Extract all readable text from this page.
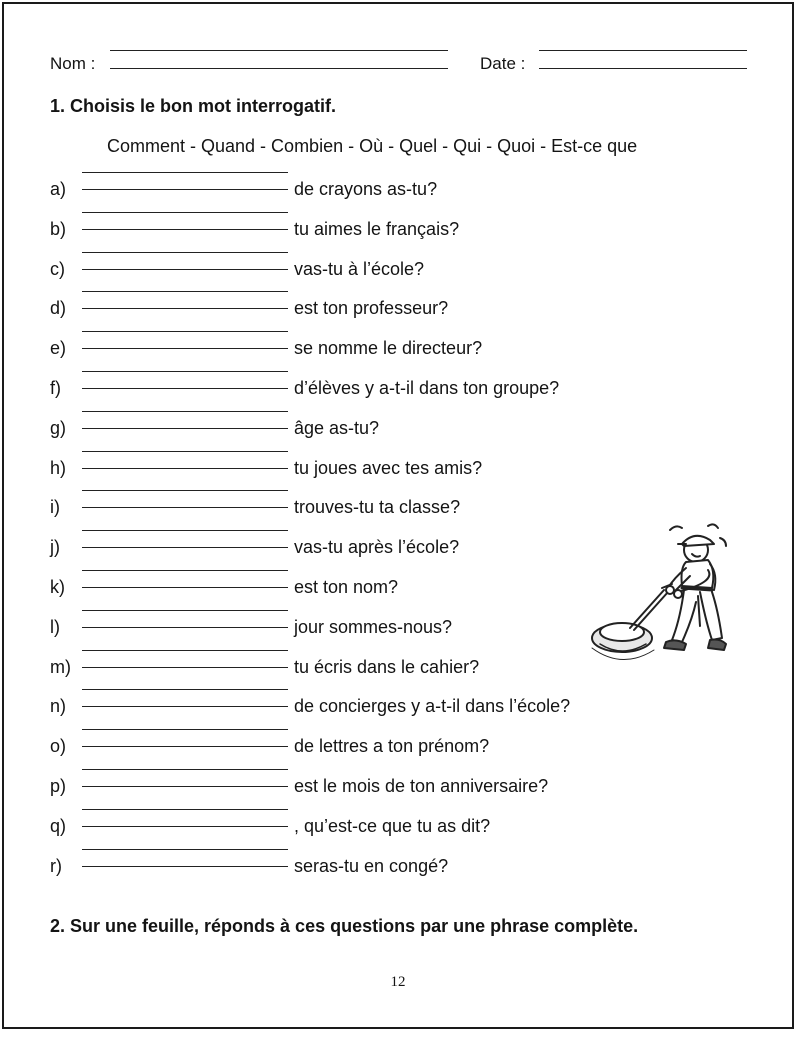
Nom :	Date :
1. Choisis le bon mot interrogatif.
Comment - Quand - Combien - Où - Quel - Qui - Quoi - Est-ce que
a)	de crayons as-tu?
b)	tu aimes le français?
c)	vas-tu à l’école?
d)	est ton professeur?
e)	se nomme le directeur?
f)	d’élèves y a-t-il dans ton groupe?
g)	âge as-tu?
h)	tu joues avec tes amis?
i)	trouves-tu ta classe?
j)	vas-tu après l’école?
k)	est ton nom?
l)	jour sommes-nous?
m)	tu écris dans le cahier?
n)	de concierges y a-t-il dans l’école?
o)	de lettres a ton prénom?
p)	est le mois de ton anniversaire?
q)	, qu’est-ce que tu as dit?
r)	seras-tu en congé?
2. Sur une feuille, réponds à ces questions par une phrase complète.
12
